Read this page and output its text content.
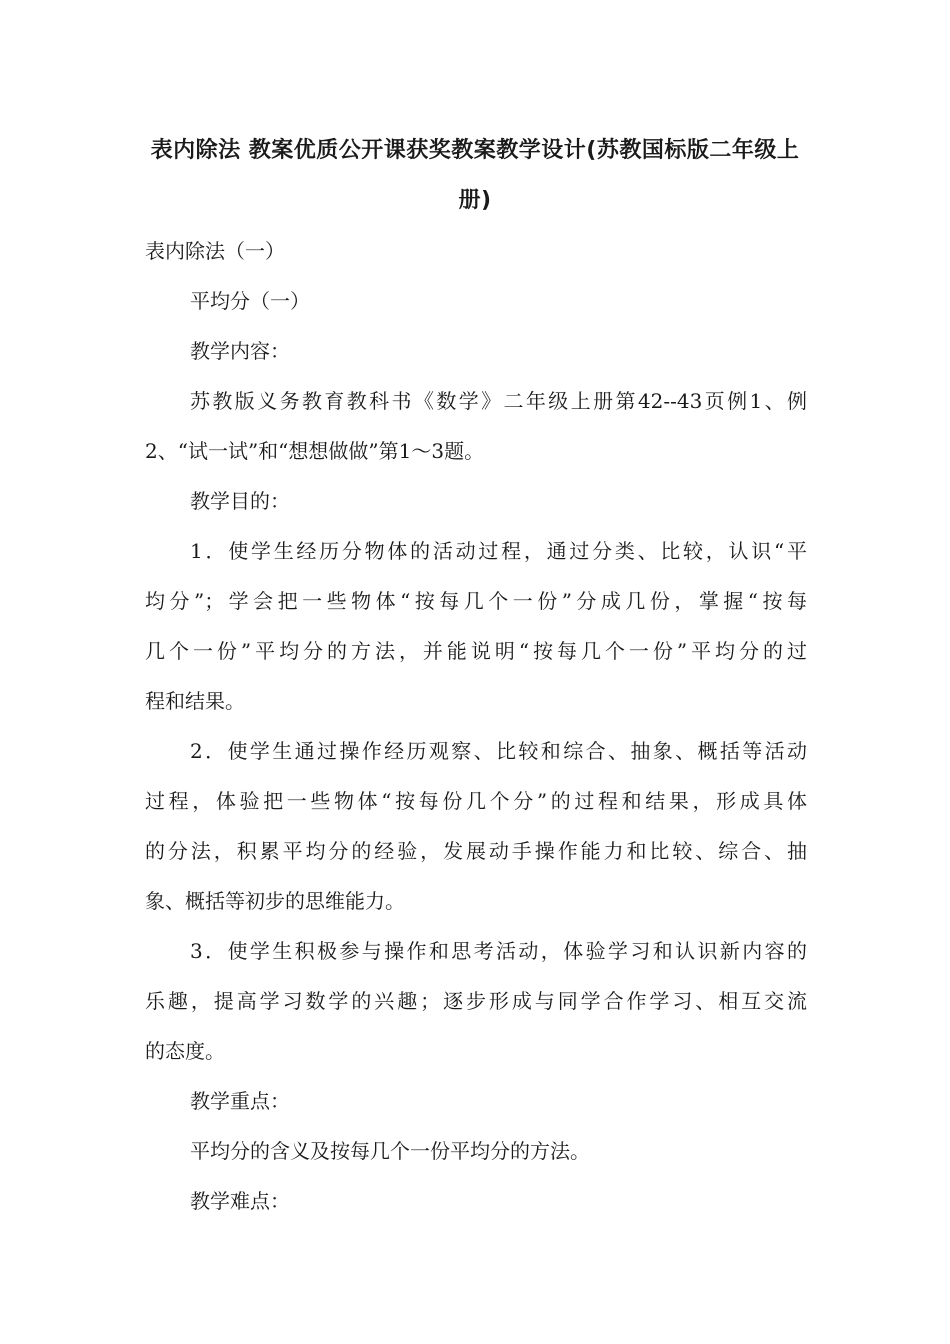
表内除法 教案优质公开课获奖教案教学设计(苏教国标版二年级上
册)
表内除法（一）
平均分（一）
教学内容：
苏教版义务教育教科书《数学》二年级上册第42--43页例1、例
2、“试一试”和“想想做做”第1～3题。
教学目的：
1．使学生经历分物体的活动过程，通过分类、比较，认识“平
均分”；学会把一些物体“按每几个一份”分成几份，掌握“按每
几个一份”平均分的方法，并能说明“按每几个一份”平均分的过
程和结果。
2．使学生通过操作经历观察、比较和综合、抽象、概括等活动
过程，体验把一些物体“按每份几个分”的过程和结果，形成具体
的分法，积累平均分的经验，发展动手操作能力和比较、综合、抽
象、概括等初步的思维能力。
3．使学生积极参与操作和思考活动，体验学习和认识新内容的
乐趣，提高学习数学的兴趣；逐步形成与同学合作学习、相互交流
的态度。
教学重点：
平均分的含义及按每几个一份平均分的方法。
教学难点：
